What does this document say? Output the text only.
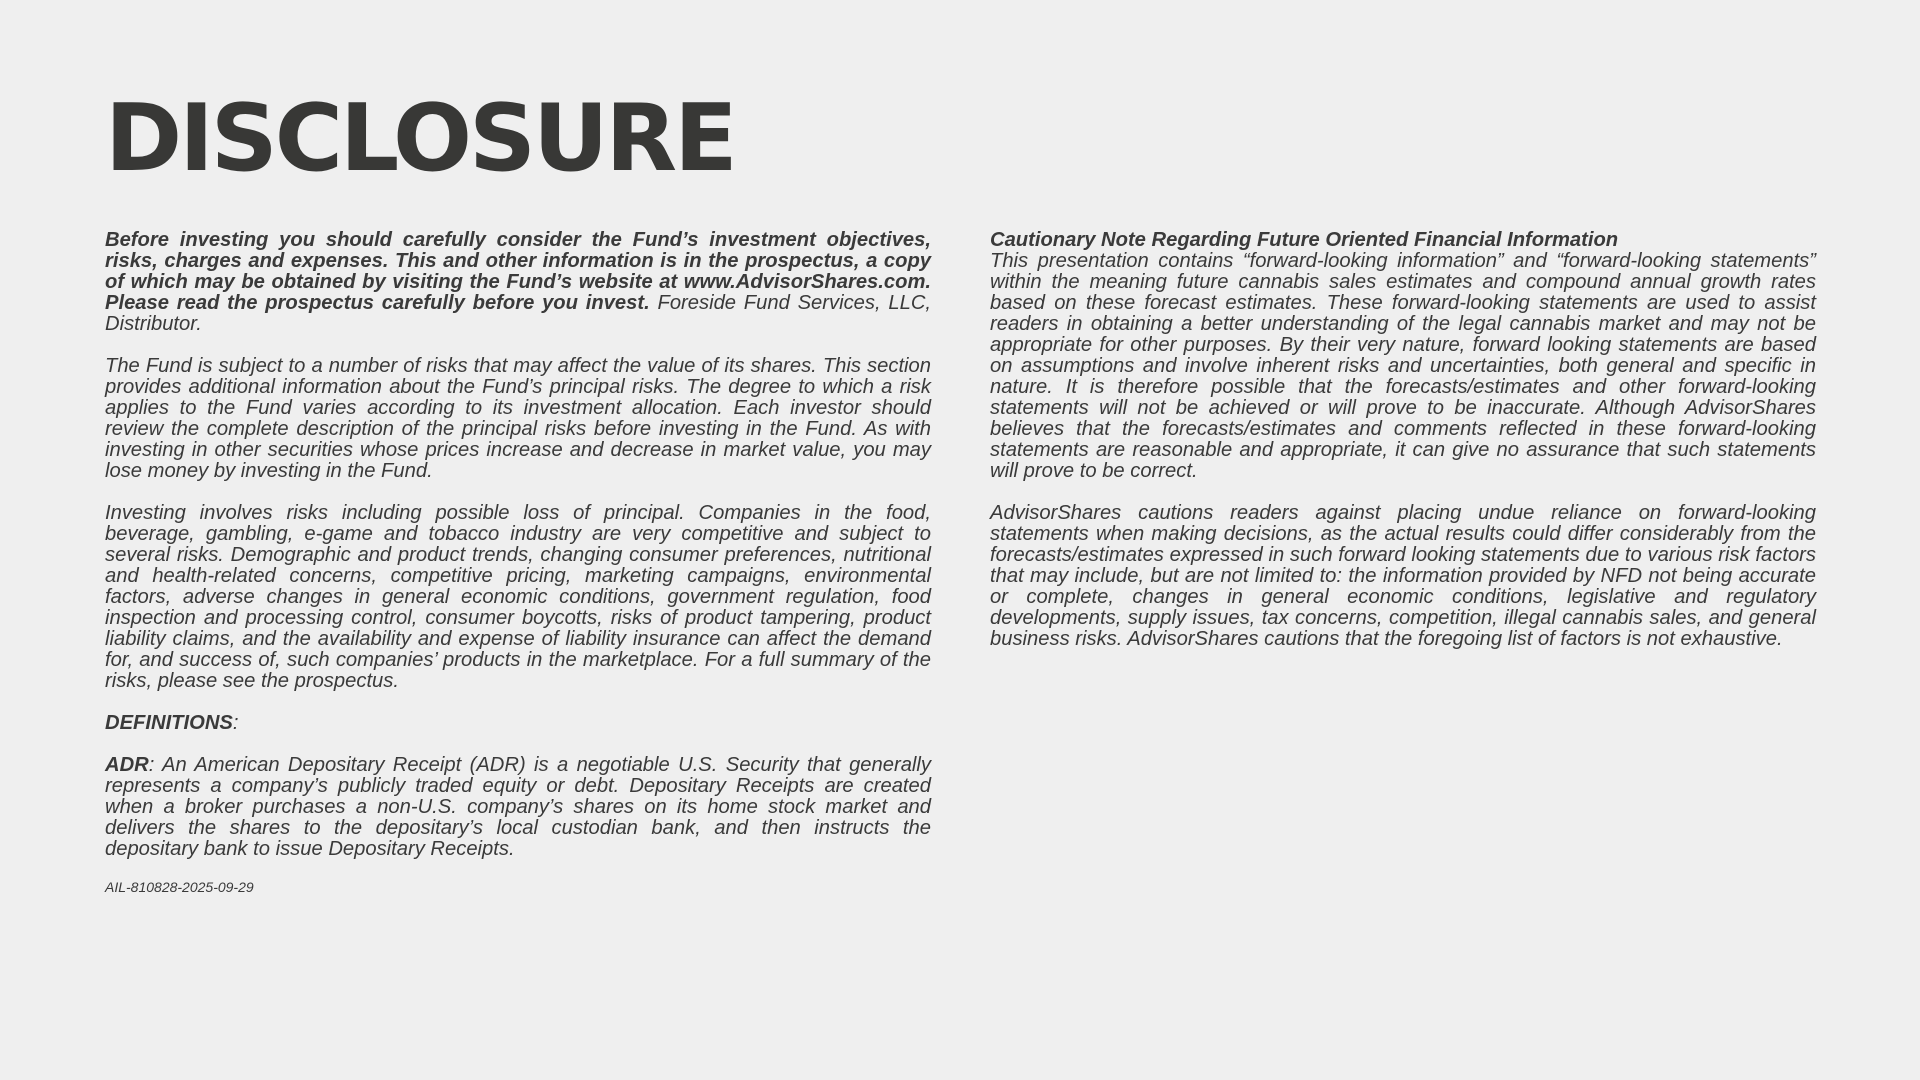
DISCLOSURE

Before investing you should carefully consider the Fund’s investment objectives, risks, charges and expenses. This and other information is in the prospectus, a copy of which may be obtained by visiting the Fund’s website at www.AdvisorShares.com. Please read the prospectus carefully before you invest. Foreside Fund Services, LLC, Distributor.

The Fund is subject to a number of risks that may affect the value of its shares. This section provides additional information about the Fund’s principal risks. The degree to which a risk applies to the Fund varies according to its investment allocation. Each investor should review the complete description of the principal risks before investing in the Fund. As with investing in other securities whose prices increase and decrease in market value, you may lose money by investing in the Fund.

Investing involves risks including possible loss of principal. Companies in the food, beverage, gambling, e-game and tobacco industry are very competitive and subject to several risks. Demographic and product trends, changing consumer preferences, nutritional and health-related concerns, competitive pricing, marketing campaigns, environmental factors, adverse changes in general economic conditions, government regulation, food inspection and processing control, consumer boycotts, risks of product tampering, product liability claims, and the availability and expense of liability insurance can affect the demand for, and success of, such companies’ products in the marketplace. For a full summary of the risks, please see the prospectus.

DEFINITIONS:

ADR: An American Depositary Receipt (ADR) is a negotiable U.S. Security that generally represents a company’s publicly traded equity or debt. Depositary Receipts are created when a broker purchases a non-U.S. company’s shares on its home stock market and delivers the shares to the depositary’s local custodian bank, and then instructs the depositary bank to issue Depositary Receipts.

AIL-810828-2025-09-29

Cautionary Note Regarding Future Oriented Financial Information

This presentation contains “forward-looking information” and “forward-looking statements” within the meaning future cannabis sales estimates and compound annual growth rates based on these forecast estimates. These forward-looking statements are used to assist readers in obtaining a better understanding of the legal cannabis market and may not be appropriate for other purposes. By their very nature, forward looking statements are based on assumptions and involve inherent risks and uncertainties, both general and specific in nature. It is therefore possible that the forecasts/estimates and other forward-looking statements will not be achieved or will prove to be inaccurate. Although AdvisorShares believes that the forecasts/estimates and comments reflected in these forward-looking statements are reasonable and appropriate, it can give no assurance that such statements will prove to be correct.

AdvisorShares cautions readers against placing undue reliance on forward-looking statements when making decisions, as the actual results could differ considerably from the forecasts/estimates expressed in such forward looking statements due to various risk factors that may include, but are not limited to: the information provided by NFD not being accurate or complete, changes in general economic conditions, legislative and regulatory developments, supply issues, tax concerns, competition, illegal cannabis sales, and general business risks. AdvisorShares cautions that the foregoing list of factors is not exhaustive.
